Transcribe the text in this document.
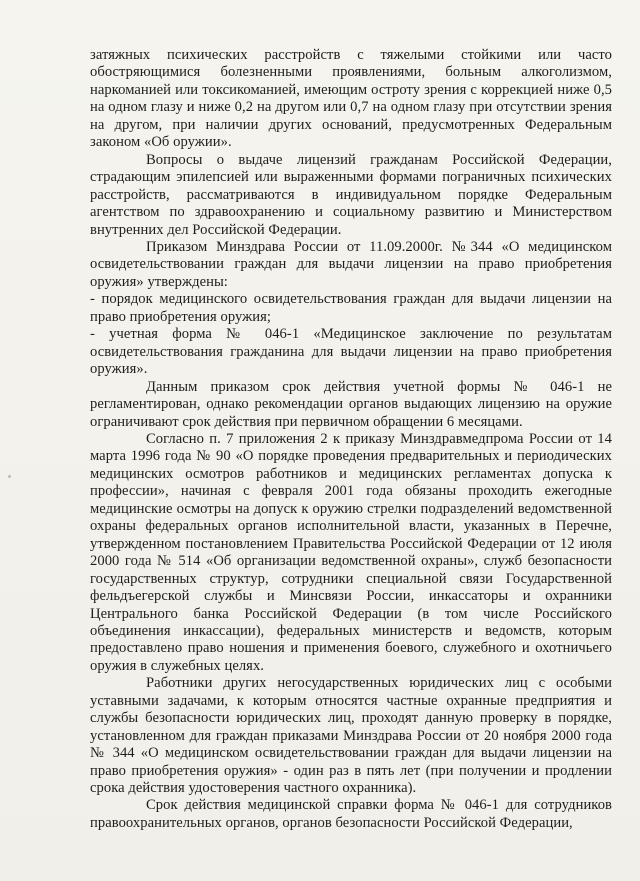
затяжных психических расстройств с тяжелыми стойкими или часто обостряющимися болезненными проявлениями, больным алкоголизмом, наркоманией или токсикоманией, имеющим остроту зрения с коррекцией ниже 0,5 на одном глазу и ниже 0,2 на другом или 0,7 на одном глазу при отсутствии зрения на другом, при наличии других оснований, предусмотренных Федеральным законом «Об оружии».

Вопросы о выдаче лицензий гражданам Российской Федерации, страдающим эпилепсией или выраженными формами пограничных психических расстройств, рассматриваются в индивидуальном порядке Федеральным агентством по здравоохранению и социальному развитию и Министерством внутренних дел Российской Федерации.

Приказом Минздрава России от 11.09.2000г. №344 «О медицинском освидетельствовании граждан для выдачи лицензии на право приобретения оружия» утверждены:

- порядок медицинского освидетельствования граждан для выдачи лицензии на право приобретения оружия;

- учетная форма № 046-1 «Медицинское заключение по результатам освидетельствования гражданина для выдачи лицензии на право приобретения оружия».

Данным приказом срок действия учетной формы № 046-1 не регламентирован, однако рекомендации органов выдающих лицензию на оружие ограничивают срок действия при первичном обращении 6 месяцами.

Согласно п. 7 приложения 2 к приказу Минздравмедпрома России от 14 марта 1996 года № 90 «О порядке проведения предварительных и периодических медицинских осмотров работников и медицинских регламентах допуска к профессии», начиная с февраля 2001 года обязаны проходить ежегодные медицинские осмотры на допуск к оружию стрелки подразделений ведомственной охраны федеральных органов исполнительной власти, указанных в Перечне, утвержденном постановлением Правительства Российской Федерации от 12 июля 2000 года № 514 «Об организации ведомственной охраны», служб безопасности государственных структур, сотрудники специальной связи Государственной фельдъегерской службы и Минсвязи России, инкассаторы и охранники Центрального банка Российской Федерации (в том числе Российского объединения инкассации), федеральных министерств и ведомств, которым предоставлено право ношения и применения боевого, служебного и охотничьего оружия в служебных целях.

Работники других негосударственных юридических лиц с особыми уставными задачами, к которым относятся частные охранные предприятия и службы безопасности юридических лиц, проходят данную проверку в порядке, установленном для граждан приказами Минздрава России от 20 ноября 2000 года № 344 «О медицинском освидетельствовании граждан для выдачи лицензии на право приобретения оружия» - один раз в пять лет (при получении и продлении срока действия удостоверения частного охранника).

Срок действия медицинской справки форма № 046-1 для сотрудников правоохранительных органов, органов безопасности Российской Федерации,
